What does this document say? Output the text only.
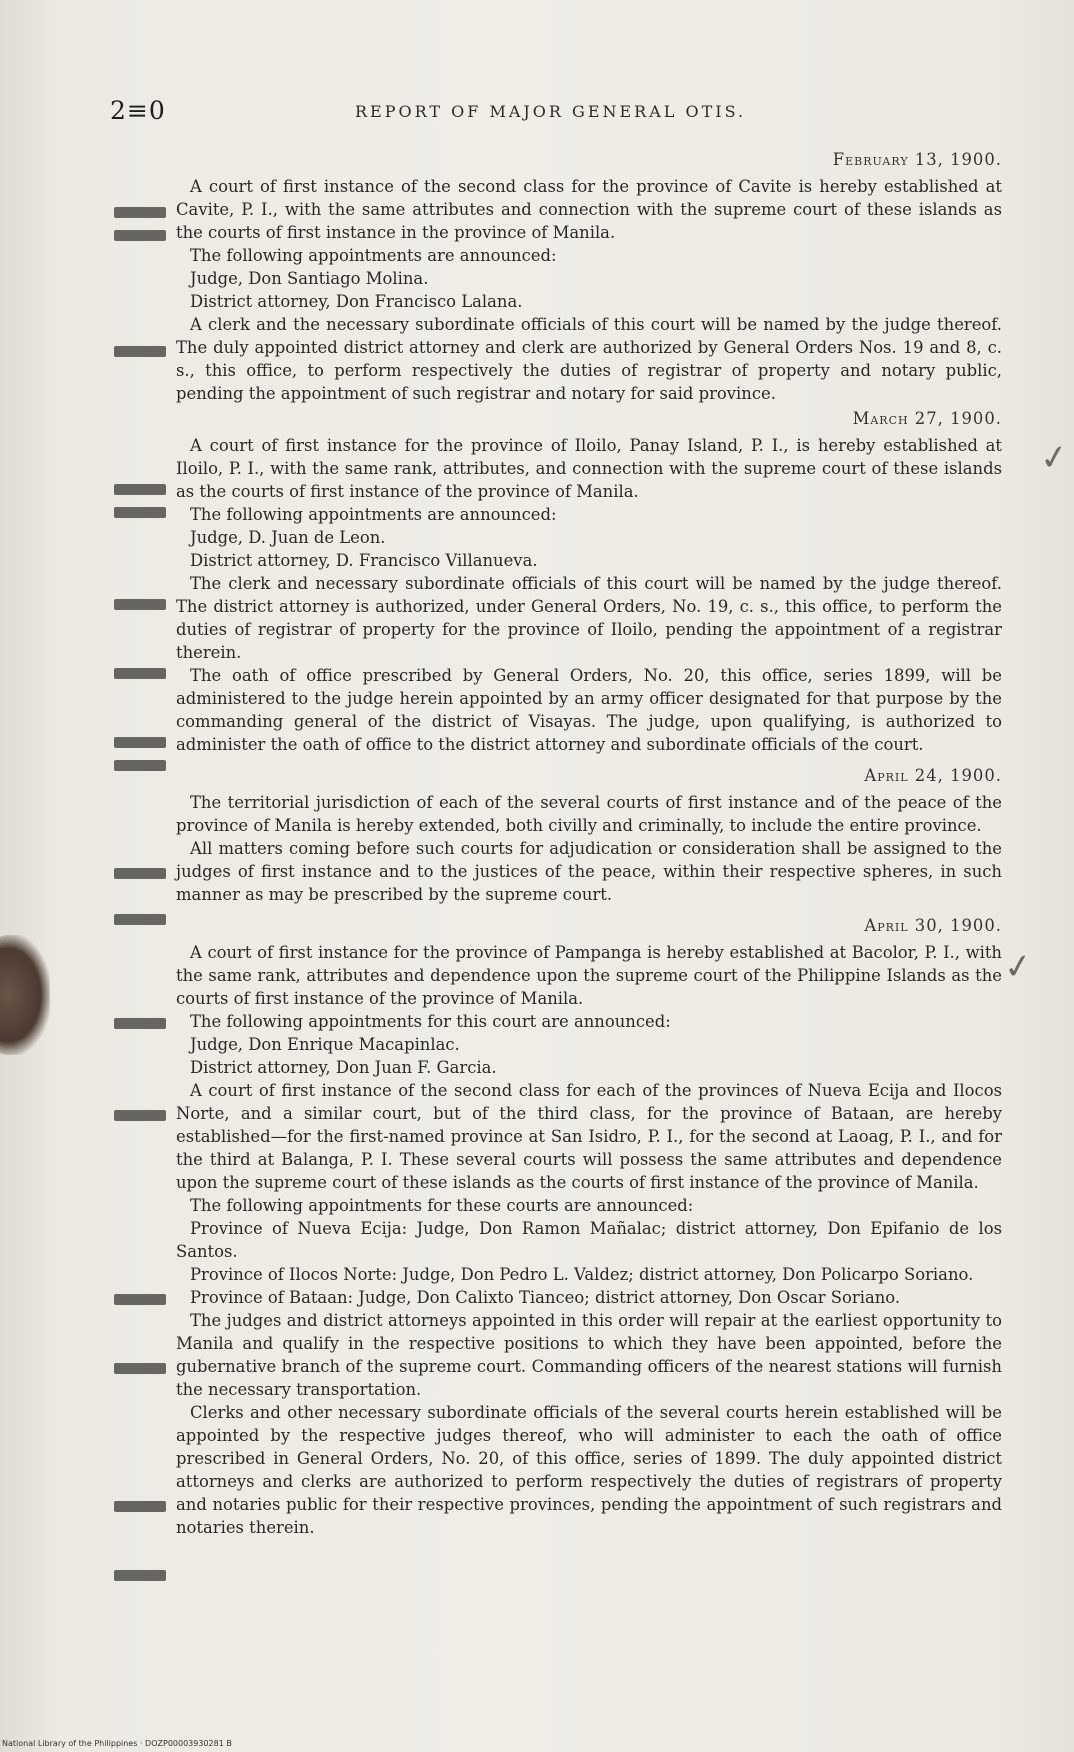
2≡0	REPORT OF MAJOR GENERAL OTIS.
✓
✓
February 13, 1900.

A court of first instance of the second class for the province of Cavite is hereby established at Cavite, P. I., with the same attributes and connection with the supreme court of these islands as the courts of first instance in the province of Manila.

The following appointments are announced:

Judge, Don Santiago Molina.

District attorney, Don Francisco Lalana.

A clerk and the necessary subordinate officials of this court will be named by the judge thereof. The duly appointed district attorney and clerk are authorized by General Orders Nos. 19 and 8, c. s., this office, to perform respectively the duties of registrar of property and notary public, pending the appointment of such registrar and notary for said province.

March 27, 1900.

A court of first instance for the province of Iloilo, Panay Island, P. I., is hereby established at Iloilo, P. I., with the same rank, attributes, and connection with the supreme court of these islands as the courts of first instance of the province of Manila.

The following appointments are announced:

Judge, D. Juan de Leon.

District attorney, D. Francisco Villanueva.

The clerk and necessary subordinate officials of this court will be named by the judge thereof. The district attorney is authorized, under General Orders, No. 19, c. s., this office, to perform the duties of registrar of property for the province of Iloilo, pending the appointment of a registrar therein.

The oath of office prescribed by General Orders, No. 20, this office, series 1899, will be administered to the judge herein appointed by an army officer designated for that purpose by the commanding general of the district of Visayas. The judge, upon qualifying, is authorized to administer the oath of office to the district attorney and subordinate officials of the court.

April 24, 1900.

The territorial jurisdiction of each of the several courts of first instance and of the peace of the province of Manila is hereby extended, both civilly and criminally, to include the entire province.

All matters coming before such courts for adjudication or consideration shall be assigned to the judges of first instance and to the justices of the peace, within their respective spheres, in such manner as may be prescribed by the supreme court.

April 30, 1900.

A court of first instance for the province of Pampanga is hereby established at Bacolor, P. I., with the same rank, attributes and dependence upon the supreme court of the Philippine Islands as the courts of first instance of the province of Manila.

The following appointments for this court are announced:

Judge, Don Enrique Macapinlac.

District attorney, Don Juan F. Garcia.

A court of first instance of the second class for each of the provinces of Nueva Ecija and Ilocos Norte, and a similar court, but of the third class, for the province of Bataan, are hereby established—for the first-named province at San Isidro, P. I., for the second at Laoag, P. I., and for the third at Balanga, P. I. These several courts will possess the same attributes and dependence upon the supreme court of these islands as the courts of first instance of the province of Manila.

The following appointments for these courts are announced:

Province of Nueva Ecija: Judge, Don Ramon Mañalac; district attorney, Don Epifanio de los Santos.

Province of Ilocos Norte: Judge, Don Pedro L. Valdez; district attorney, Don Policarpo Soriano.

Province of Bataan: Judge, Don Calixto Tianceo; district attorney, Don Oscar Soriano.

The judges and district attorneys appointed in this order will repair at the earliest opportunity to Manila and qualify in the respective positions to which they have been appointed, before the gubernative branch of the supreme court. Commanding officers of the nearest stations will furnish the necessary transportation.

Clerks and other necessary subordinate officials of the several courts herein established will be appointed by the respective judges thereof, who will administer to each the oath of office prescribed in General Orders, No. 20, of this office, series of 1899. The duly appointed district attorneys and clerks are authorized to perform respectively the duties of registrars of property and notaries public for their respective provinces, pending the appointment of such registrars and notaries therein.

National Library of the Philippines · DOZP00003930281 B
